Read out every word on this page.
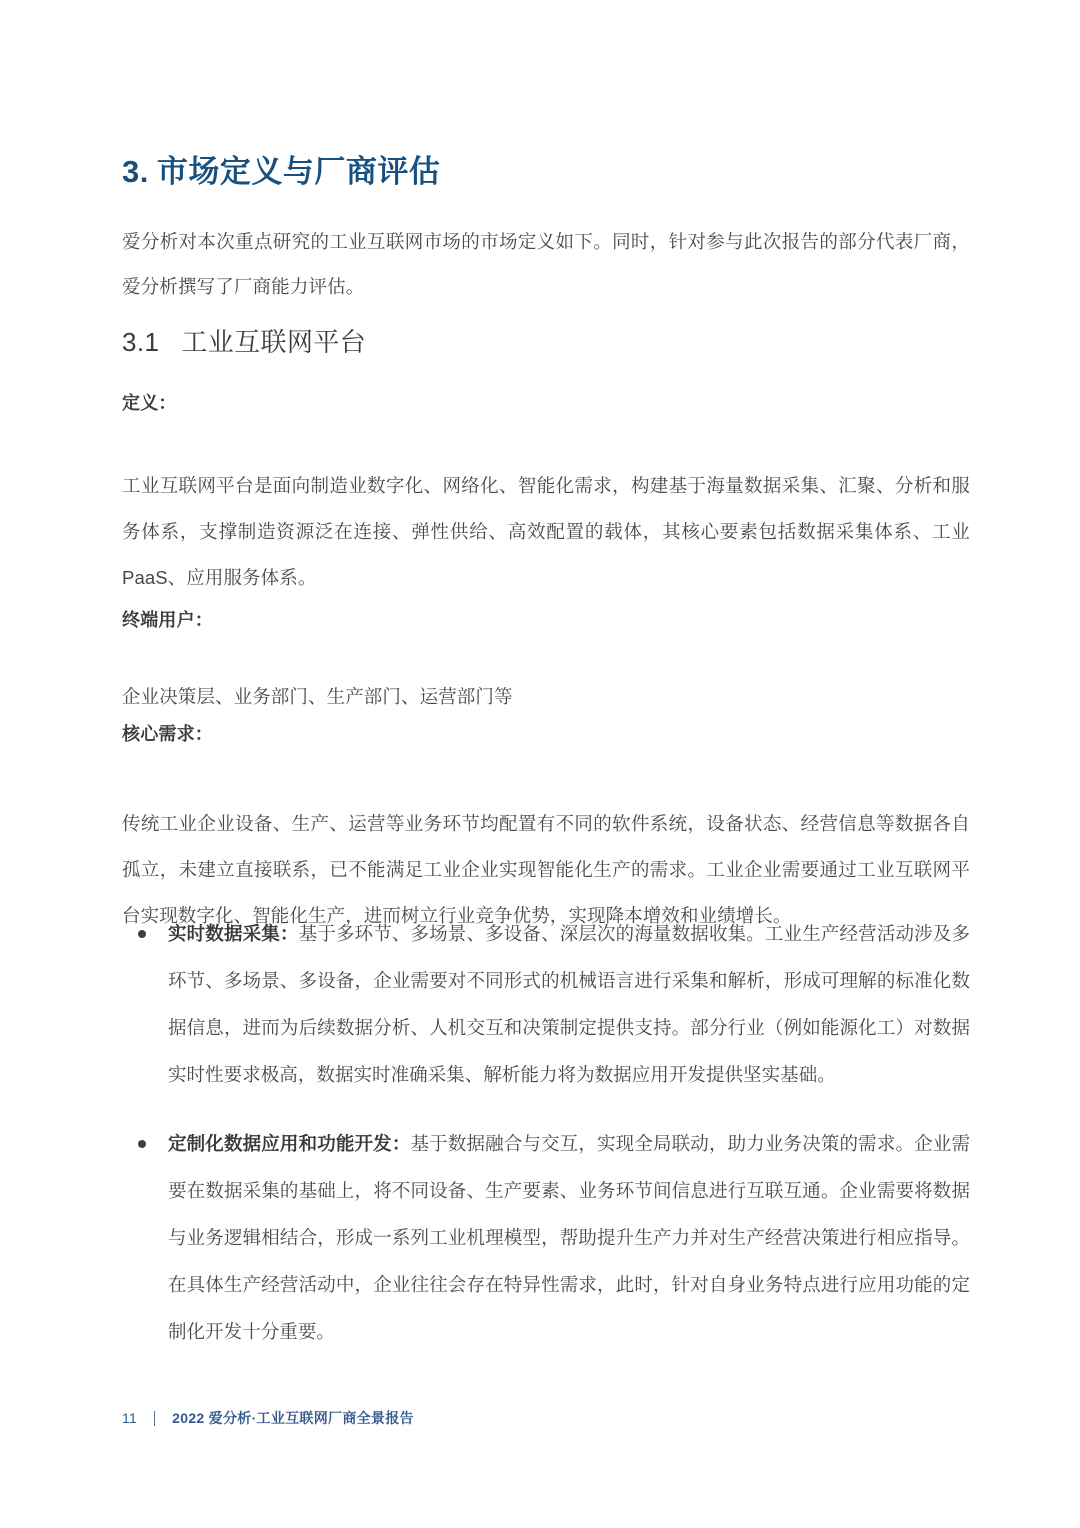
3. 市场定义与厂商评估

爱分析对本次重点研究的工业互联网市场的市场定义如下。同时，针对参与此次报告的部分代表厂商，爱分析撰写了厂商能力评估。

3.1 工业互联网平台
定义：

工业互联网平台是面向制造业数字化、网络化、智能化需求，构建基于海量数据采集、汇聚、分析和服务体系，支撑制造资源泛在连接、弹性供给、高效配置的载体，其核心要素包括数据采集体系、工业 PaaS、应用服务体系。

终端用户：

企业决策层、业务部门、生产部门、运营部门等

核心需求：

传统工业企业设备、生产、运营等业务环节均配置有不同的软件系统，设备状态、经营信息等数据各自孤立，未建立直接联系，已不能满足工业企业实现智能化生产的需求。工业企业需要通过工业互联网平台实现数字化、智能化生产，进而树立行业竞争优势，实现降本增效和业绩增长。

实时数据采集：基于多环节、多场景、多设备、深层次的海量数据收集。工业生产经营活动涉及多环节、多场景、多设备，企业需要对不同形式的机械语言进行采集和解析，形成可理解的标准化数据信息，进而为后续数据分析、人机交互和决策制定提供支持。部分行业（例如能源化工）对数据实时性要求极高，数据实时准确采集、解析能力将为数据应用开发提供坚实基础。
定制化数据应用和功能开发：基于数据融合与交互，实现全局联动，助力业务决策的需求。企业需要在数据采集的基础上，将不同设备、生产要素、业务环节间信息进行互联互通。企业需要将数据与业务逻辑相结合，形成一系列工业机理模型，帮助提升生产力并对生产经营决策进行相应指导。在具体生产经营活动中，企业往往会存在特异性需求，此时，针对自身业务特点进行应用功能的定制化开发十分重要。
11	2022 爱分析·工业互联网厂商全景报告
